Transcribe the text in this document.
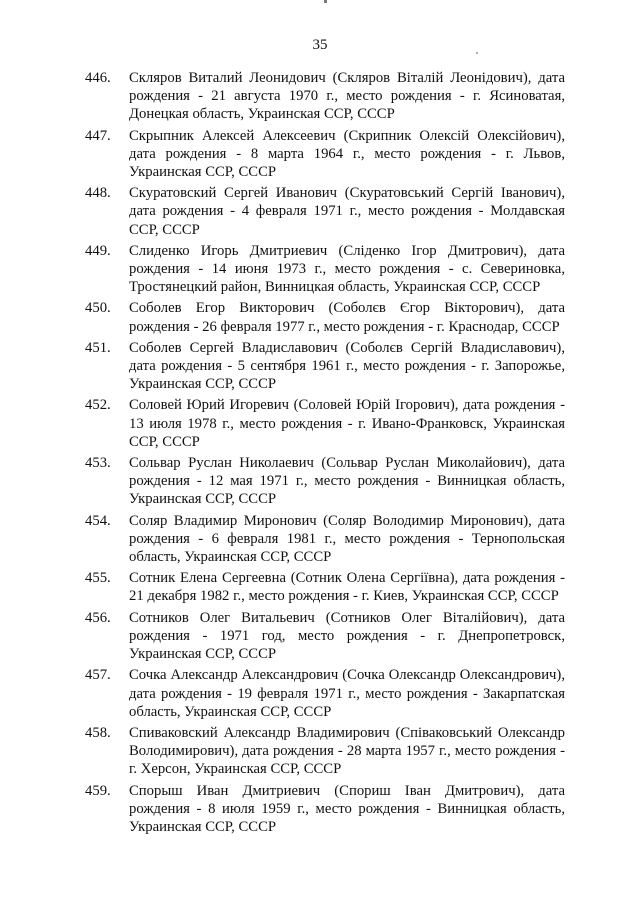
35
446.	Скляров Виталий Леонидович (Скляров Віталій Леонідович), дата рождения - 21 августа 1970 г., место рождения - г. Ясиноватая, Донецкая область, Украинская ССР, СССР
447.	Скрыпник Алексей Алексеевич (Скрипник Олексій Олексійович), дата рождения - 8 марта 1964 г., место рождения - г. Львов, Украинская ССР, СССР
448.	Скуратовский Сергей Иванович (Скуратовський Сергій Іванович), дата рождения - 4 февраля 1971 г., место рождения - Молдавская ССР, СССР
449.	Слиденко Игорь Дмитриевич (Сліденко Ігор Дмитрович), дата рождения - 14 июня 1973 г., место рождения - с. Севериновка, Тростянецкий район, Винницкая область, Украинская ССР, СССР
450.	Соболев Егор Викторович (Соболєв Єгор Вікторович), дата рождения - 26 февраля 1977 г., место рождения - г. Краснодар, СССР
451.	Соболев Сергей Владиславович (Соболєв Сергій Владиславович), дата рождения - 5 сентября 1961 г., место рождения - г. Запорожье, Украинская ССР, СССР
452.	Соловей Юрий Игоревич (Соловей Юрій Ігорович), дата рождения - 13 июля 1978 г., место рождения - г. Ивано-Франковск, Украинская ССР, СССР
453.	Сольвар Руслан Николаевич (Сольвар Руслан Миколайович), дата рождения - 12 мая 1971 г., место рождения - Винницкая область, Украинская ССР, СССР
454.	Соляр Владимир Миронович (Соляр Володимир Миронович), дата рождения - 6 февраля 1981 г., место рождения - Тернопольская область, Украинская ССР, СССР
455.	Сотник Елена Сергеевна (Сотник Олена Сергіївна), дата рождения - 21 декабря 1982 г., место рождения - г. Киев, Украинская ССР, СССР
456.	Сотников Олег Витальевич (Сотников Олег Віталійович), дата рождения - 1971 год, место рождения - г. Днепропетровск, Украинская ССР, СССР
457.	Сочка Александр Александрович (Сочка Олександр Олександрович), дата рождения - 19 февраля 1971 г., место рождения - Закарпатская область, Украинская ССР, СССР
458.	Спиваковский Александр Владимирович (Співаковський Олександр Володимирович), дата рождения - 28 марта 1957 г., место рождения - г. Херсон, Украинская ССР, СССР
459.	Спорыш Иван Дмитриевич (Спориш Іван Дмитрович), дата рождения - 8 июля 1959 г., место рождения - Винницкая область, Украинская ССР, СССР
